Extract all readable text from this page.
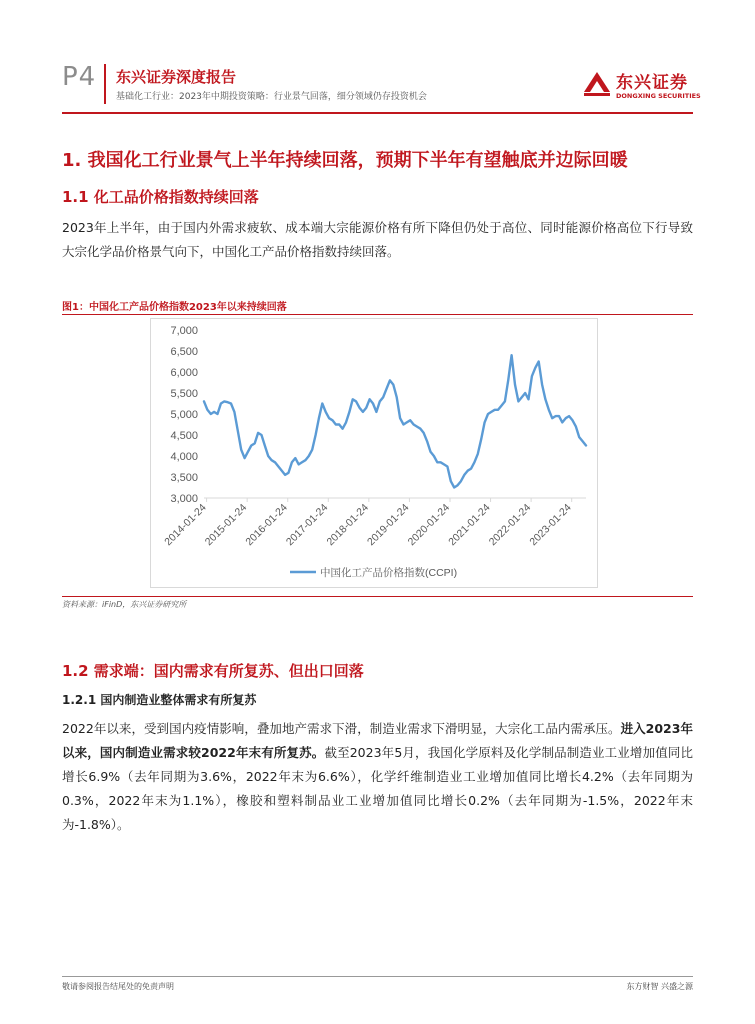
P4 东兴证券深度报告
基础化工行业：2023年中期投资策略：行业景气回落，细分领域仍存投资机会
东兴证券
DONGXING SECURITIES
1. 我国化工行业景气上半年持续回落，预期下半年有望触底并边际回暖
1.1 化工品价格指数持续回落
2023年上半年，由于国内外需求疲软、成本端大宗能源价格有所下降但仍处于高位、同时能源价格高位下行导致大宗化学品价格景气向下，中国化工产品价格指数持续回落。
图1：中国化工产品价格指数2023年以来持续回落
3,000
3,500
4,000
4,500
5,000
5,500
6,000
6,500
7,000
2014-01-24
2015-01-24
2016-01-24
2017-01-24
2018-01-24
2019-01-24
2020-01-24
2021-01-24
2022-01-24
2023-01-24
中国化工产品价格指数(CCPI)
资料来源：iFinD，东兴证券研究所
1.2 需求端：国内需求有所复苏、但出口回落
1.2.1 国内制造业整体需求有所复苏
2022年以来，受到国内疫情影响，叠加地产需求下滑，制造业需求下滑明显，大宗化工品内需承压。进入2023年以来，国内制造业需求较2022年末有所复苏。截至2023年5月，我国化学原料及化学制品制造业工业增加值同比增长6.9%（去年同期为3.6%，2022年末为6.6%），化学纤维制造业工业增加值同比增长4.2%（去年同期为0.3%，2022年末为1.1%），橡胶和塑料制品业工业增加值同比增长0.2%（去年同期为-1.5%，2022年末为-1.8%）。
敬请参阅报告结尾处的免责声明	东方财智 兴盛之源
